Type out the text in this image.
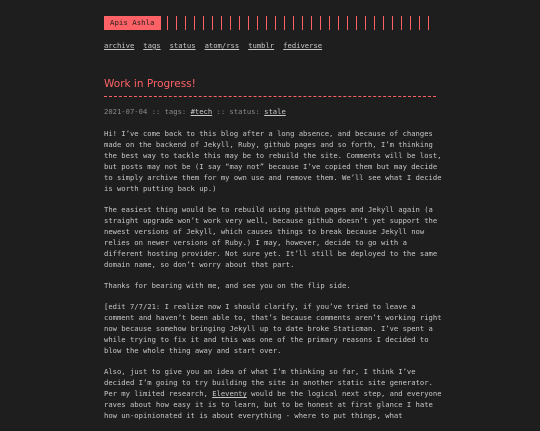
Apis Ashla
archive tags status atom/rss tumblr fediverse
Work in Progress!
2021-07-04 :: tags: #tech :: status: stale

Hi! I’ve come back to this blog after a long absence, and because of changes
made on the backend of Jekyll, Ruby, github pages and so forth, I’m thinking
the best way to tackle this may be to rebuild the site. Comments will be lost,
but posts may not be (I say “may not” because I’ve copied them but may decide
to simply archive them for my own use and remove them. We’ll see what I decide
is worth putting back up.)

The easiest thing would be to rebuild using github pages and Jekyll again (a
straight upgrade won’t work very well, because github doesn’t yet support the
newest versions of Jekyll, which causes things to break because Jekyll now
relies on newer versions of Ruby.) I may, however, decide to go with a
different hosting provider. Not sure yet. It’ll still be deployed to the same
domain name, so don’t worry about that part.

Thanks for bearing with me, and see you on the flip side.

[edit 7/7/21: I realize now I should clarify, if you’ve tried to leave a
comment and haven’t been able to, that’s because comments aren’t working right
now because somehow bringing Jekyll up to date broke Staticman. I’ve spent a
while trying to fix it and this was one of the primary reasons I decided to
blow the whole thing away and start over.

Also, just to give you an idea of what I’m thinking so far, I think I’ve
decided I’m going to try building the site in another static site generator.
Per my limited research, Eleventy would be the logical next step, and everyone
raves about how easy it is to learn, but to be honest at first glance I hate
how un-opinionated it is about everything - where to put things, what
